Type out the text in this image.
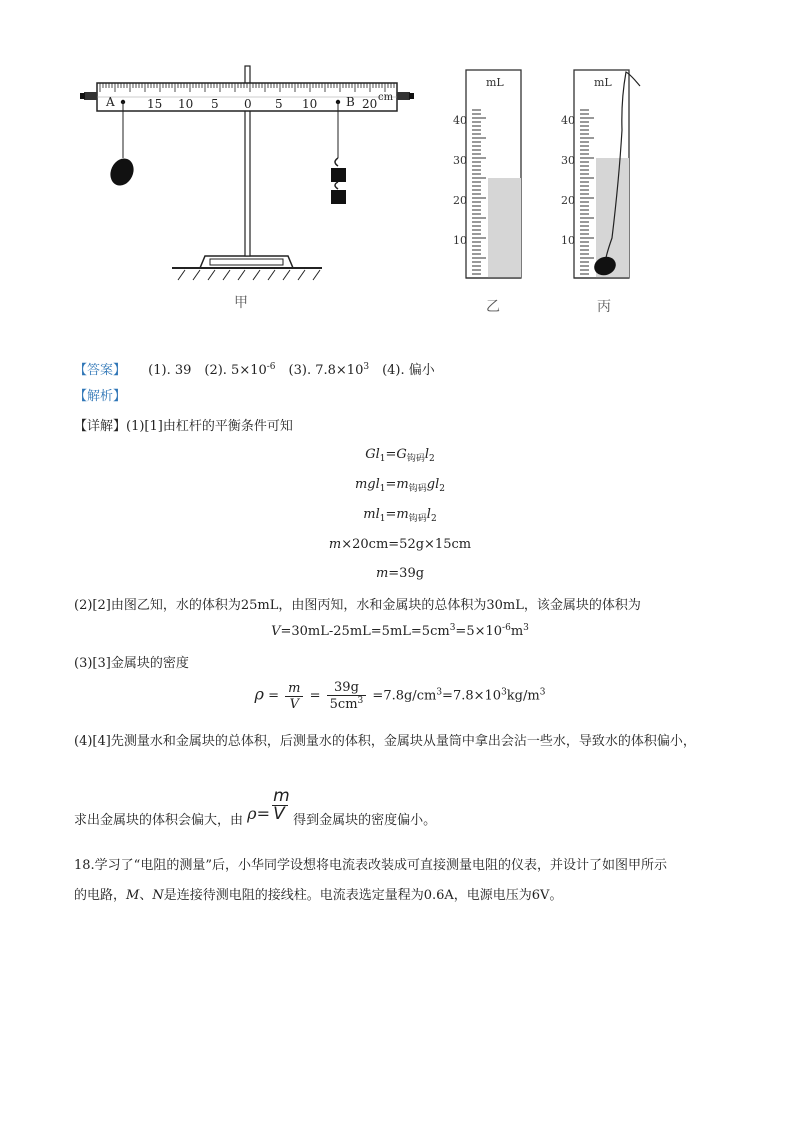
15 10 5 0 5 10	20
A	B cm
mL
40
30
20
10
mL
40
30
20
10
甲	乙	丙
【答案】 (1). 39　(2). $5\times 10^{-6}$　(3). $7.8\times 10^3$　(4). 偏小
【解析】
【详解】(1)[1]由杠杆的平衡条件可知
$Gl_1=G_{钩码}l_2$
$mgl_1=m_{钩码}gl_2$
$ml_1=m_{钩码}l_2$
m×20cm=52g×15cm
m=39g
(2)[2]由图乙知，水的体积为25mL，由图丙知，水和金属块的总体积为30mL，该金属块的体积为
$V=30mL-25mL=5mL=5cm^3=5\times 10^{-6}m^3$
(3)[3]金属块的密度
$\rho = \frac{m}{V} = \frac{39g}{5cm^3} =7.8g/cm^3=7.8\times 10^3kg/m^3$
(4)[4]先测量水和金属块的总体积，后测量水的体积，金属块从量筒中拿出会沾一些水，导致水的体积偏小，
求出金属块的体积会偏大，由 ρ=
m
V 得到金属块的密度偏小。
18.学习了“电阻的测量”后，小华同学设想将电流表改装成可直接测量电阻的仪表，并设计了如图甲所示
的电路，M、N是连接待测电阻的接线柱。电流表选定量程为0.6A，电源电压为6V。
